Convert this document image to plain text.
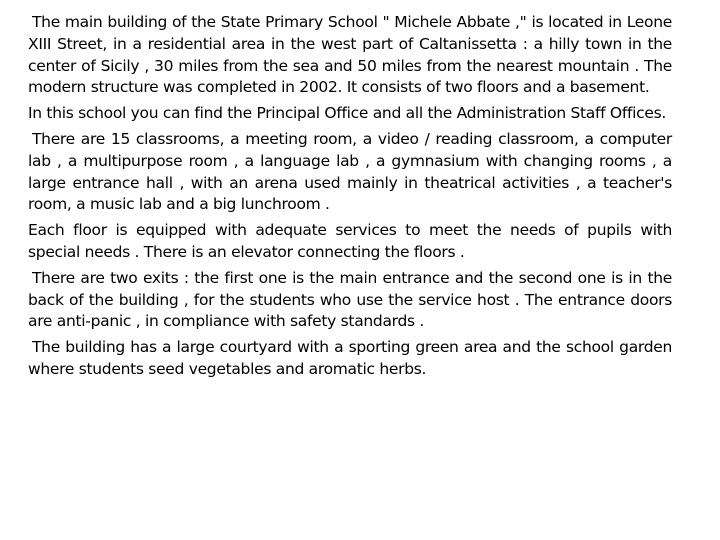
The main building of the State Primary School " Michele Abbate ," is located in Leone XIII Street, in a residential area in the west part of Caltanissetta : a hilly town in the center of Sicily , 30 miles from the sea and 50 miles from the nearest mountain . The modern structure was completed in 2002. It consists of two floors and a basement.

In this school you can find the Principal Office and all the Administration Staff Offices.

There are 15 classrooms, a meeting room, a video / reading classroom, a computer lab , a multipurpose room , a language lab , a gymnasium with changing rooms , a large entrance hall , with an arena used mainly in theatrical activities , a teacher's room, a music lab and a big lunchroom .

Each floor is equipped with adequate services to meet the needs of pupils with special needs . There is an elevator connecting the floors .

There are two exits : the first one is the main entrance and the second one is in the back of the building , for the students who use the service host . The entrance doors are anti-panic , in compliance with safety standards .

The building has a large courtyard with a sporting green area and the school garden where students seed vegetables and aromatic herbs.
